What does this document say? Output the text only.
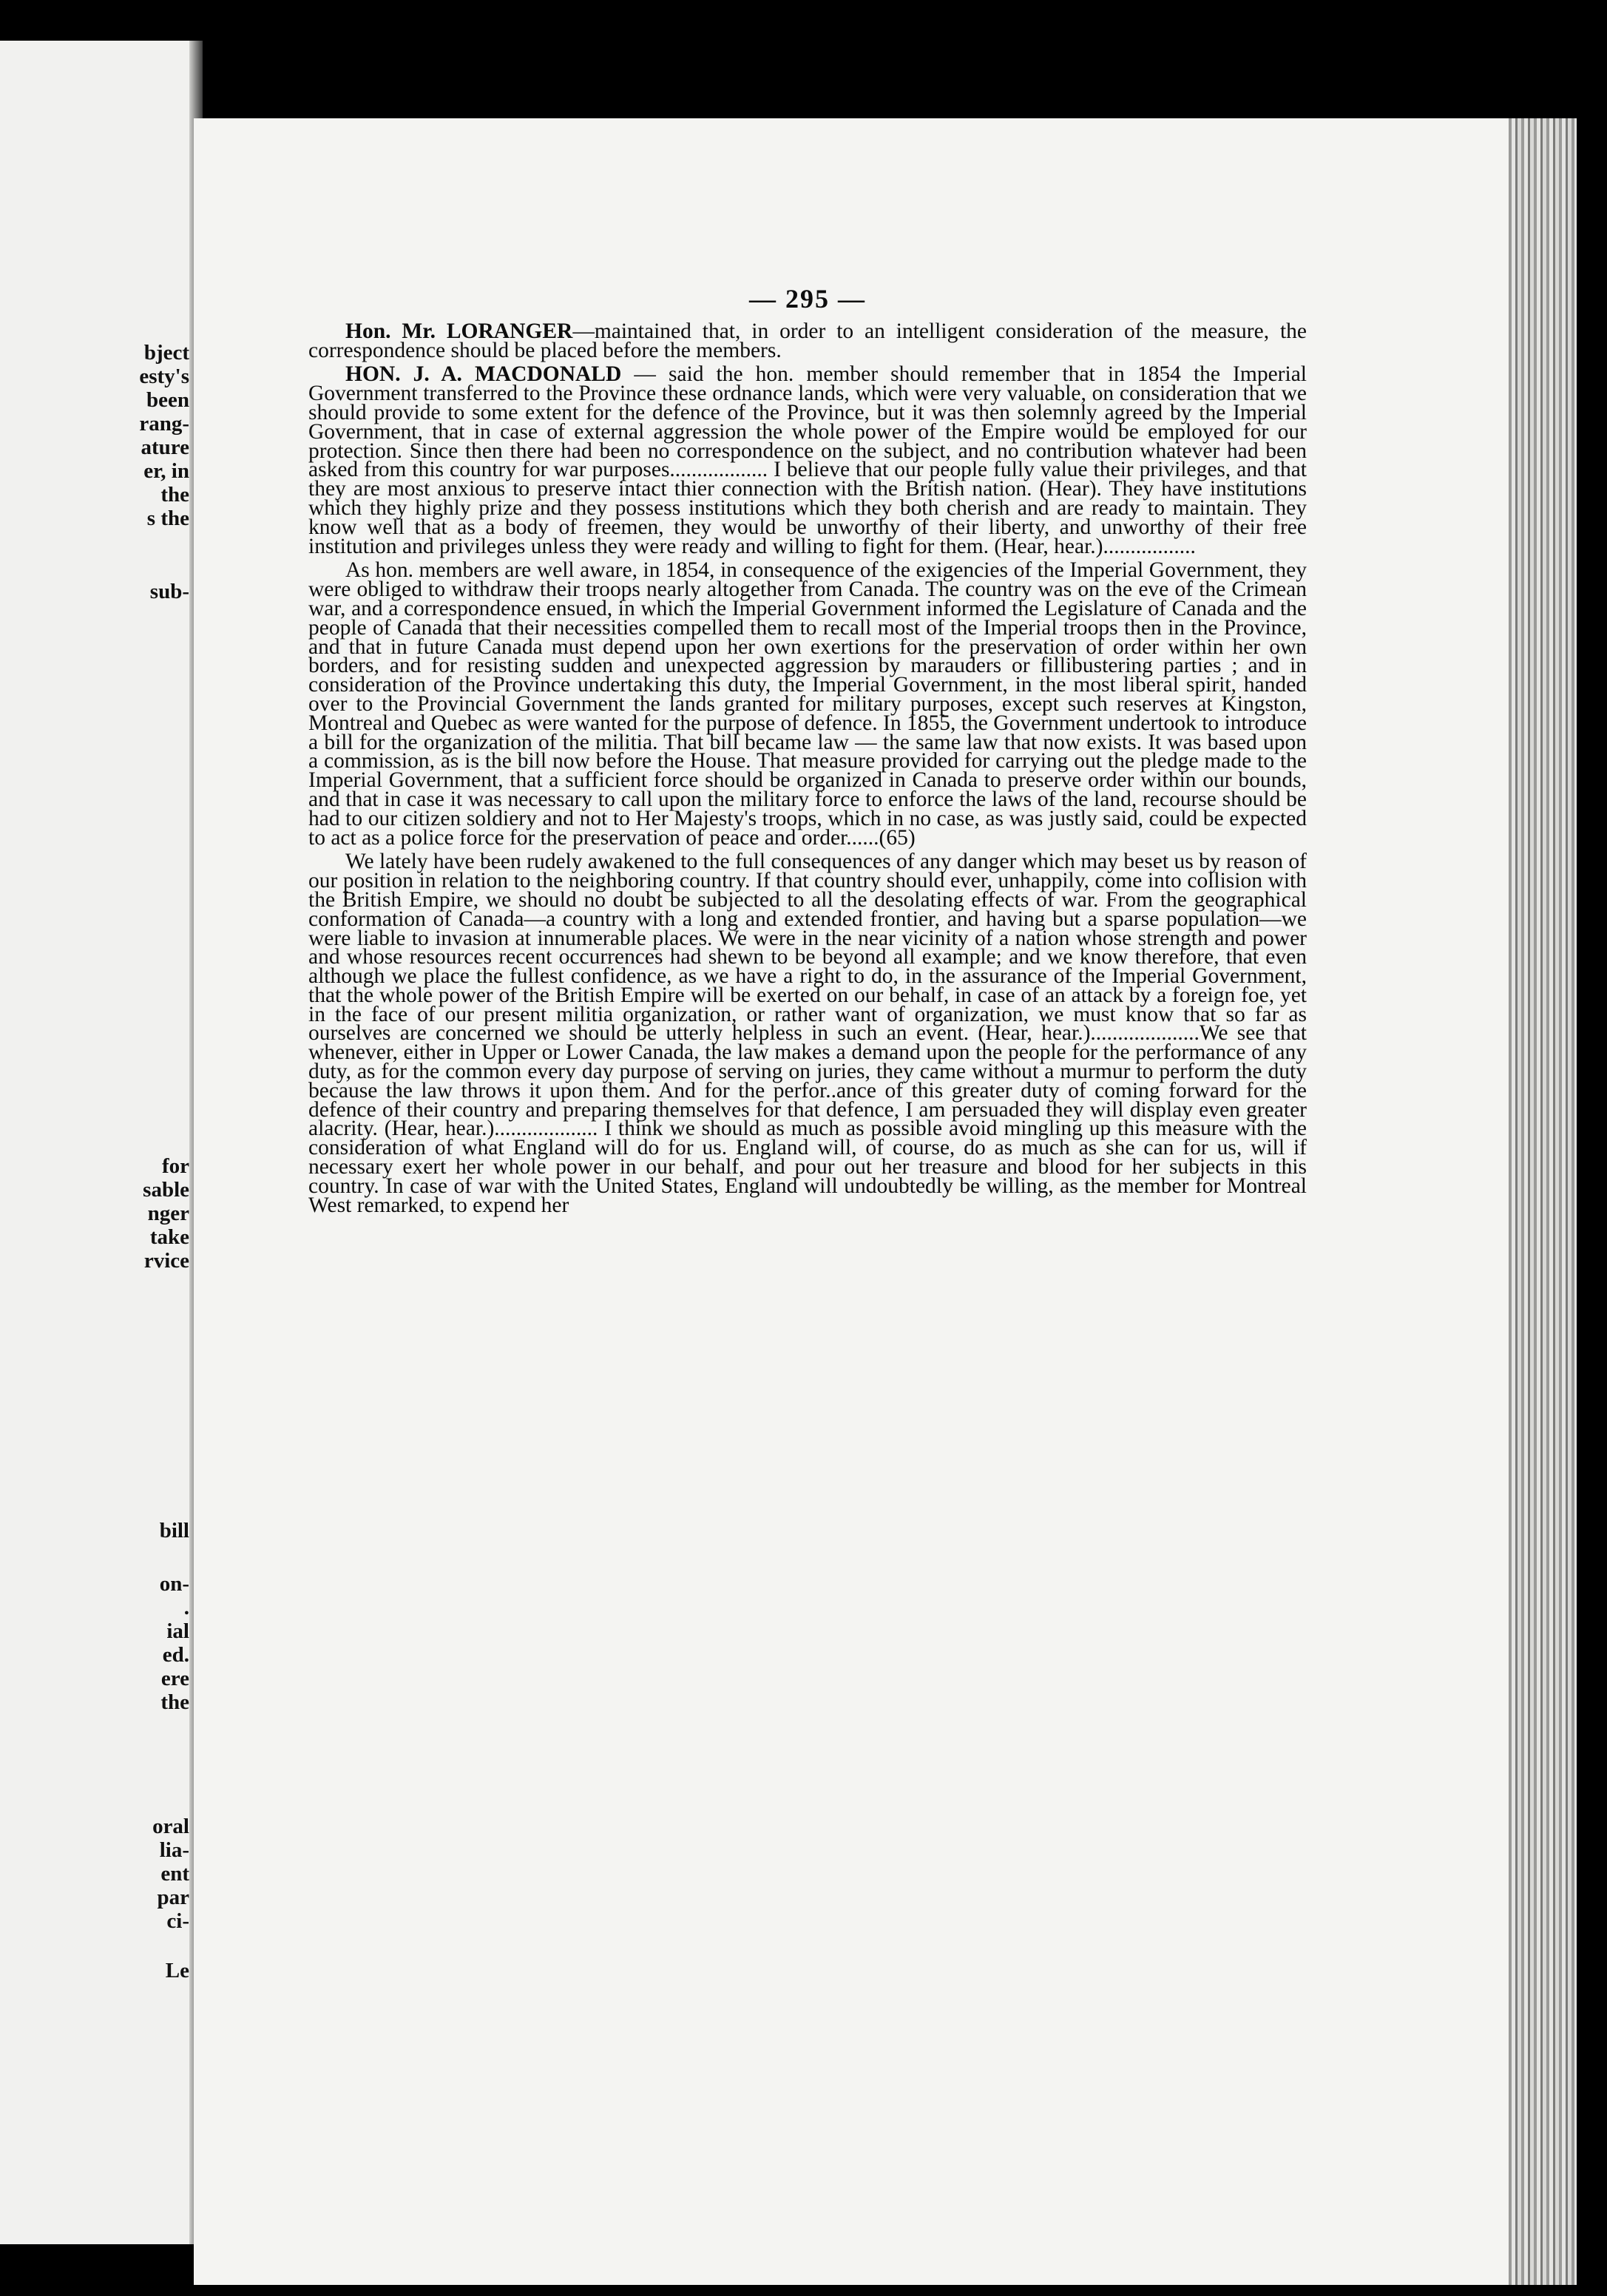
bject
esty's
been
rang-
ature
er, in
the
s the
sub-
for
sable
nger
take
rvice
bill
on-
.
ial
ed.
ere
the
oral
lia-
ent
par
ci-
Le
— 295 —

Hon. Mr. LORANGER—maintained that, in order to an intelligent consideration of the measure, the correspondence should be placed before the members.

HON. J. A. MACDONALD — said the hon. member should remember that in 1854 the Imperial Government transferred to the Province these ordnance lands, which were very valuable, on consideration that we should provide to some extent for the defence of the Province, but it was then solemnly agreed by the Imperial Government, that in case of external aggression the whole power of the Empire would be employed for our protection. Since then there had been no correspondence on the subject, and no contribution whatever had been asked from this country for war purposes.................. I believe that our people fully value their privileges, and that they are most anxious to preserve intact thier connection with the British nation. (Hear). They have institutions which they highly prize and they possess institutions which they both cherish and are ready to maintain. They know well that as a body of freemen, they would be unworthy of their liberty, and unworthy of their free institution and privileges unless they were ready and willing to fight for them. (Hear, hear.).................

As hon. members are well aware, in 1854, in consequence of the exigencies of the Imperial Government, they were obliged to withdraw their troops nearly altogether from Canada. The country was on the eve of the Crimean war, and a correspondence ensued, in which the Imperial Government informed the Legislature of Canada and the people of Canada that their necessities compelled them to recall most of the Imperial troops then in the Province, and that in future Canada must depend upon her own exertions for the preservation of order within her own borders, and for resisting sudden and unexpected aggression by marauders or fillibustering parties ; and in consideration of the Province undertaking this duty, the Imperial Government, in the most liberal spirit, handed over to the Provincial Government the lands granted for military purposes, except such reserves at Kingston, Montreal and Quebec as were wanted for the purpose of defence. In 1855, the Government undertook to introduce a bill for the organization of the militia. That bill became law — the same law that now exists. It was based upon a commission, as is the bill now before the House. That measure provided for carrying out the pledge made to the Imperial Government, that a sufficient force should be organized in Canada to preserve order within our bounds, and that in case it was necessary to call upon the military force to enforce the laws of the land, recourse should be had to our citizen soldiery and not to Her Majesty's troops, which in no case, as was justly said, could be expected to act as a police force for the preservation of peace and order......(65)

We lately have been rudely awakened to the full consequences of any danger which may beset us by reason of our position in relation to the neighboring country. If that country should ever, unhappily, come into collision with the British Empire, we should no doubt be subjected to all the desolating effects of war. From the geographical conformation of Canada—a country with a long and extended frontier, and having but a sparse population—we were liable to invasion at innumerable places. We were in the near vicinity of a nation whose strength and power and whose resources recent occurrences had shewn to be beyond all example; and we know therefore, that even although we place the fullest confidence, as we have a right to do, in the assurance of the Imperial Government, that the whole power of the British Empire will be exerted on our behalf, in case of an attack by a foreign foe, yet in the face of our present militia organization, or rather want of organization, we must know that so far as ourselves are concerned we should be utterly helpless in such an event. (Hear, hear.)....................We see that whenever, either in Upper or Lower Canada, the law makes a demand upon the people for the performance of any duty, as for the common every day purpose of serving on juries, they came without a murmur to perform the duty because the law throws it upon them. And for the perfor..ance of this greater duty of coming forward for the defence of their country and preparing themselves for that defence, I am persuaded they will display even greater alacrity. (Hear, hear.)................... I think we should as much as possible avoid mingling up this measure with the consideration of what England will do for us. England will, of course, do as much as she can for us, will if necessary exert her whole power in our behalf, and pour out her treasure and blood for her subjects in this country. In case of war with the United States, England will undoubtedly be willing, as the member for Montreal West remarked, to expend her
